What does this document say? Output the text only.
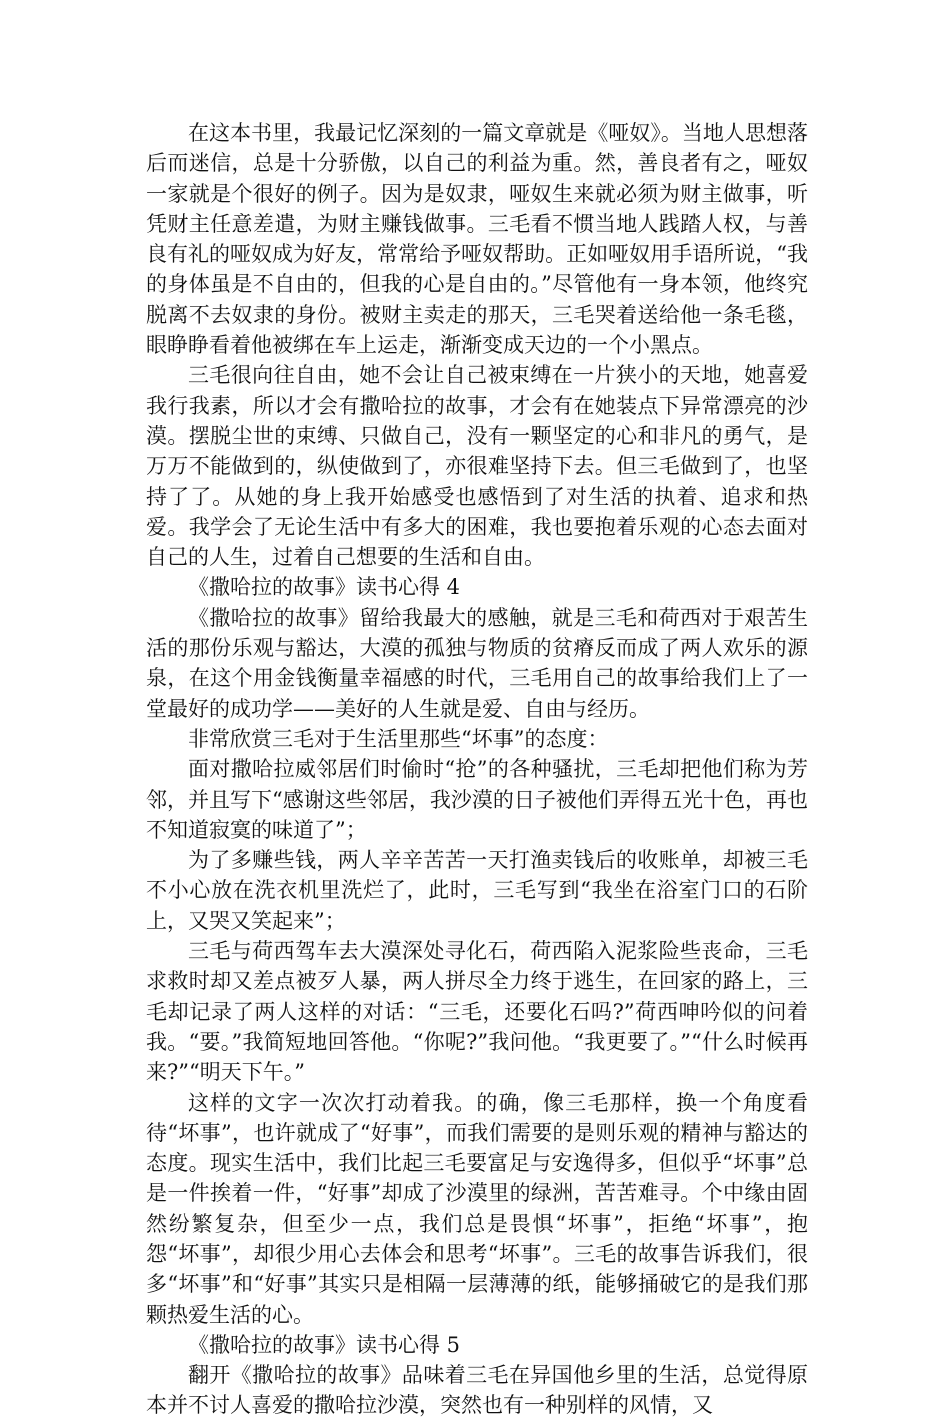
在这本书里，我最记忆深刻的一篇文章就是《哑奴》。当地人思想落后而迷信，总是十分骄傲，以自己的利益为重。然，善良者有之，哑奴一家就是个很好的例子。因为是奴隶，哑奴生来就必须为财主做事，听凭财主任意差遣，为财主赚钱做事。三毛看不惯当地人践踏人权，与善良有礼的哑奴成为好友，常常给予哑奴帮助。正如哑奴用手语所说，“我的身体虽是不自由的，但我的心是自由的。”尽管他有一身本领，他终究脱离不去奴隶的身份。被财主卖走的那天，三毛哭着送给他一条毛毯，眼睁睁看着他被绑在车上运走，渐渐变成天边的一个小黑点。

三毛很向往自由，她不会让自己被束缚在一片狭小的天地，她喜爱我行我素，所以才会有撒哈拉的故事，才会有在她装点下异常漂亮的沙漠。摆脱尘世的束缚、只做自己，没有一颗坚定的心和非凡的勇气，是万万不能做到的，纵使做到了，亦很难坚持下去。但三毛做到了，也坚持了了。从她的身上我开始感受也感悟到了对生活的执着、追求和热爱。我学会了无论生活中有多大的困难，我也要抱着乐观的心态去面对自己的人生，过着自己想要的生活和自由。

《撒哈拉的故事》读书心得 4

《撒哈拉的故事》留给我最大的感触，就是三毛和荷西对于艰苦生活的那份乐观与豁达，大漠的孤独与物质的贫瘠反而成了两人欢乐的源泉，在这个用金钱衡量幸福感的时代，三毛用自己的故事给我们上了一堂最好的成功学——美好的人生就是爱、自由与经历。

非常欣赏三毛对于生活里那些“坏事”的态度：

面对撒哈拉威邻居们时偷时“抢”的各种骚扰，三毛却把他们称为芳邻，并且写下“感谢这些邻居，我沙漠的日子被他们弄得五光十色，再也不知道寂寞的味道了”；

为了多赚些钱，两人辛辛苦苦一天打渔卖钱后的收账单，却被三毛不小心放在洗衣机里洗烂了，此时，三毛写到“我坐在浴室门口的石阶上，又哭又笑起来”；

三毛与荷西驾车去大漠深处寻化石，荷西陷入泥浆险些丧命，三毛求救时却又差点被歹人暴，两人拼尽全力终于逃生，在回家的路上，三毛却记录了两人这样的对话：“三毛，还要化石吗?”荷西呻吟似的问着我。“要。”我简短地回答他。“你呢?”我问他。“我更要了。”“什么时候再来?”“明天下午。”

这样的文字一次次打动着我。的确，像三毛那样，换一个角度看待“坏事”，也许就成了“好事”，而我们需要的是则乐观的精神与豁达的态度。现实生活中，我们比起三毛要富足与安逸得多，但似乎“坏事”总是一件挨着一件，“好事”却成了沙漠里的绿洲，苦苦难寻。个中缘由固然纷繁复杂，但至少一点，我们总是畏惧“坏事”，拒绝“坏事”，抱怨“坏事”，却很少用心去体会和思考“坏事”。三毛的故事告诉我们，很多“坏事”和“好事”其实只是相隔一层薄薄的纸，能够捅破它的是我们那颗热爱生活的心。

《撒哈拉的故事》读书心得 5

翻开《撒哈拉的故事》品味着三毛在异国他乡里的生活，总觉得原本并不讨人喜爱的撒哈拉沙漠，突然也有一种别样的风情，又
